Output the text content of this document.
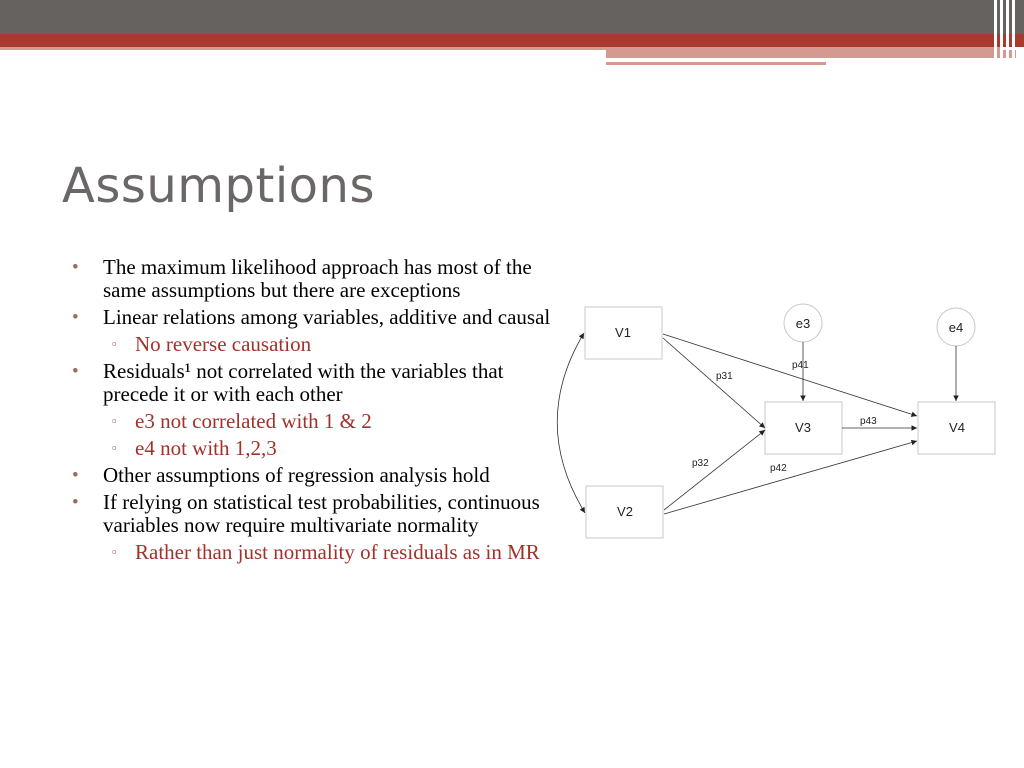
Assumptions
• The maximum likelihood approach has most of the same assumptions but there are exceptions
• Linear relations among variables, additive and causal
▫ No reverse causation
• Residuals¹ not correlated with the variables that precede it or with each other
▫ e3 not correlated with 1 & 2
▫ e4 not with 1,2,3
• Other assumptions of regression analysis hold
• If relying on statistical test probabilities, continuous variables now require multivariate normality
▫ Rather than just normality of residuals as in MR
V1
V2
V3	V4
e3	e4
p31
p41
p43
p32	p42
